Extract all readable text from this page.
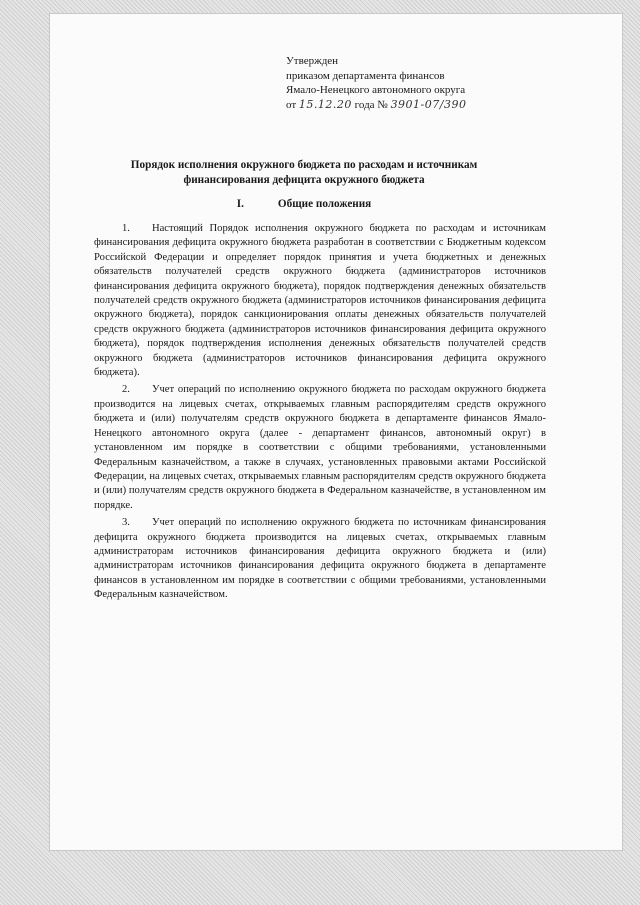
Утвержден
приказом департамента финансов
Ямало-Ненецкого автономного округа
от 15.12.20 года № 3901-07/390
Порядок исполнения окружного бюджета по расходам и источникам
финансирования дефицита окружного бюджета
I.	Общие положения

1. Настоящий Порядок исполнения окружного бюджета по расходам и источникам финансирования дефицита окружного бюджета разработан в соответствии с Бюджетным кодексом Российской Федерации и определяет порядок принятия и учета бюджетных и денежных обязательств получателей средств окружного бюджета (администраторов источников финансирования дефицита окружного бюджета), порядок подтверждения денежных обязательств получателей средств окружного бюджета (администраторов источников финансирования дефицита окружного бюджета), порядок санкционирования оплаты денежных обязательств получателей средств окружного бюджета (администраторов источников финансирования дефицита окружного бюджета), порядок подтверждения исполнения денежных обязательств получателей средств окружного бюджета (администраторов источников финансирования дефицита окружного бюджета).

2. Учет операций по исполнению окружного бюджета по расходам окружного бюджета производится на лицевых счетах, открываемых главным распорядителям средств окружного бюджета и (или) получателям средств окружного бюджета в департаменте финансов Ямало-Ненецкого автономного округа (далее - департамент финансов, автономный округ) в установленном им порядке в соответствии с общими требованиями, установленными Федеральным казначейством, а также в случаях, установленных правовыми актами Российской Федерации, на лицевых счетах, открываемых главным распорядителям средств окружного бюджета и (или) получателям средств окружного бюджета в Федеральном казначействе, в установленном им порядке.

3. Учет операций по исполнению окружного бюджета по источникам финансирования дефицита окружного бюджета производится на лицевых счетах, открываемых главным администраторам источников финансирования дефицита окружного бюджета и (или) администраторам источников финансирования дефицита окружного бюджета в департаменте финансов в установленном им порядке в соответствии с общими требованиями, установленными Федеральным казначейством.
